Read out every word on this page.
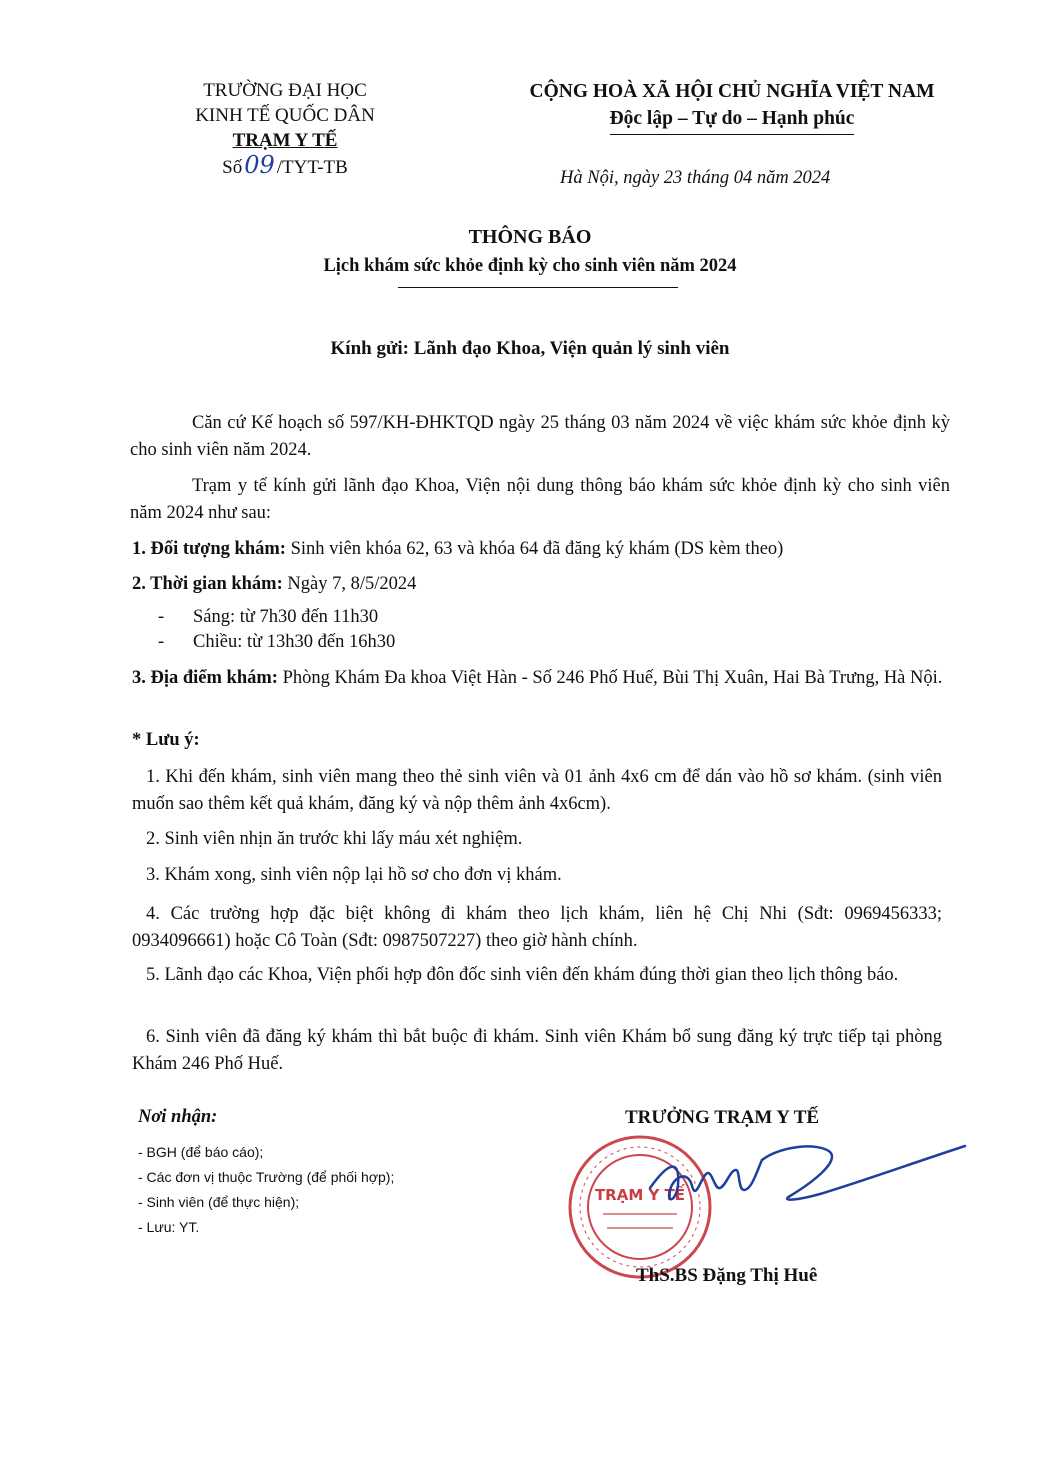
TRƯỜNG ĐẠI HỌC
KINH TẾ QUỐC DÂN
TRẠM Y TẾ
Số 09 /TYT-TB
CỘNG HOÀ XÃ HỘI CHỦ NGHĨA VIỆT NAM
Độc lập – Tự do – Hạnh phúc
Hà Nội, ngày 23 tháng 04 năm 2024
THÔNG BÁO
Lịch khám sức khỏe định kỳ cho sinh viên năm 2024
Kính gửi: Lãnh đạo Khoa, Viện quản lý sinh viên
Căn cứ Kế hoạch số 597/KH-ĐHKTQD ngày 25 tháng 03 năm 2024 về việc khám sức khỏe định kỳ cho sinh viên năm 2024.
Trạm y tế kính gửi lãnh đạo Khoa, Viện nội dung thông báo khám sức khỏe định kỳ cho sinh viên năm 2024 như sau:
1. Đối tượng khám: Sinh viên khóa 62, 63 và khóa 64 đã đăng ký khám (DS kèm theo)
2. Thời gian khám: Ngày 7, 8/5/2024
-	Sáng: từ 7h30 đến 11h30
-	Chiều: từ 13h30 đến 16h30
3. Địa điểm khám: Phòng Khám Đa khoa Việt Hàn - Số 246 Phố Huế, Bùi Thị Xuân, Hai Bà Trưng, Hà Nội.
* Lưu ý:
1. Khi đến khám, sinh viên mang theo thẻ sinh viên và 01 ảnh 4x6 cm để dán vào hồ sơ khám. (sinh viên muốn sao thêm kết quả khám, đăng ký và nộp thêm ảnh 4x6cm).
2. Sinh viên nhịn ăn trước khi lấy máu xét nghiệm.
3. Khám xong, sinh viên nộp lại hồ sơ cho đơn vị khám.
4. Các trường hợp đặc biệt không đi khám theo lịch khám, liên hệ Chị Nhi (Sđt: 0969456333; 0934096661) hoặc Cô Toàn (Sđt: 0987507227) theo giờ hành chính.
5. Lãnh đạo các Khoa, Viện phối hợp đôn đốc sinh viên đến khám đúng thời gian theo lịch thông báo.
6. Sinh viên đã đăng ký khám thì bắt buộc đi khám. Sinh viên Khám bổ sung đăng ký trực tiếp tại phòng Khám 246 Phố Huế.
Nơi nhận:
- BGH (để báo cáo);
- Các đơn vị thuộc Trường (để phối hợp);
- Sinh viên (để thực hiện);
- Lưu: YT.
TRƯỞNG TRẠM Y TẾ
TRẠM Y TẾ
ThS.BS Đặng Thị Huê
